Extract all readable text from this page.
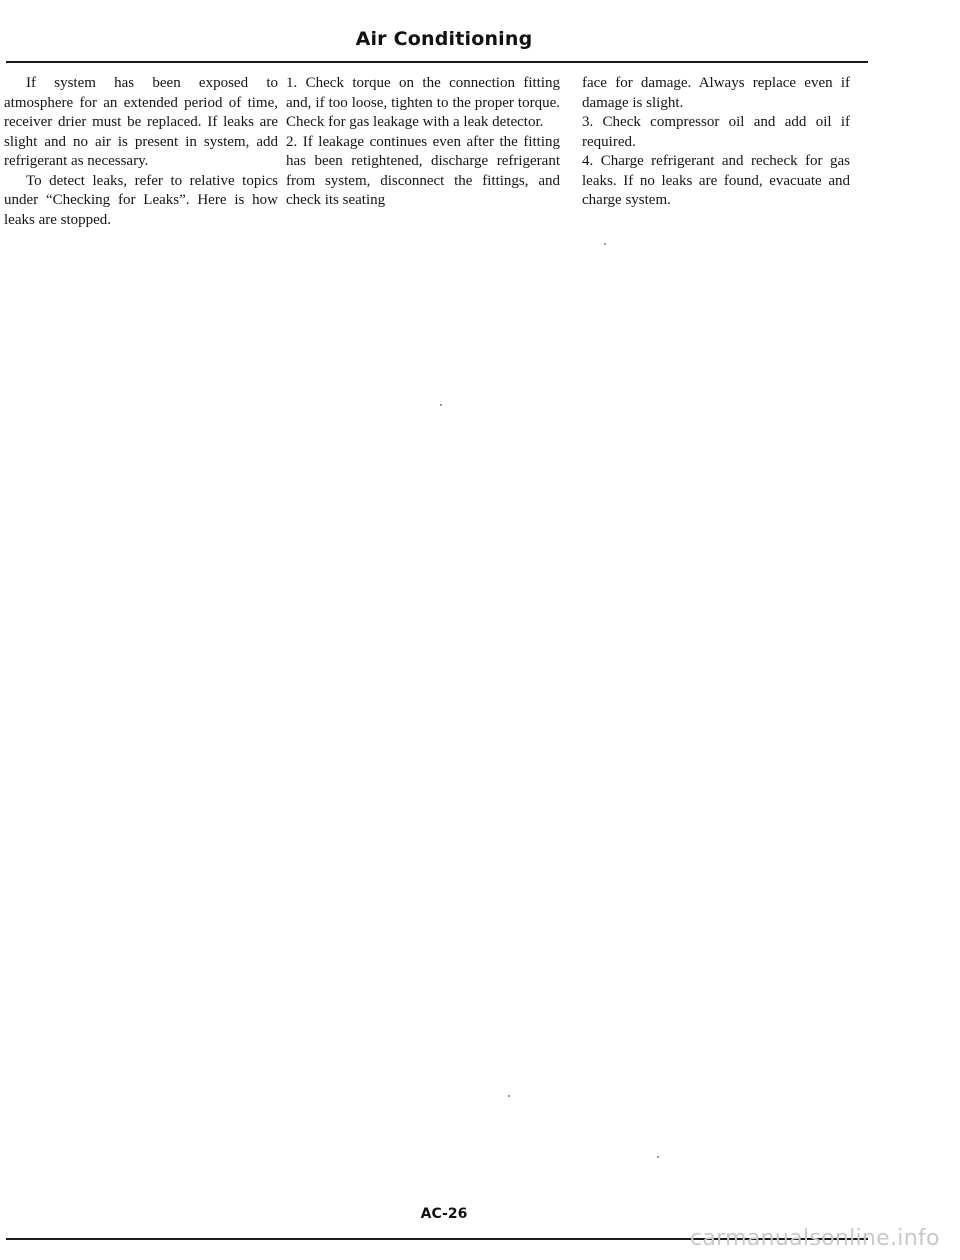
Air Conditioning

If system has been exposed to atmosphere for an extended period of time, receiver drier must be replaced. If leaks are slight and no air is present in system, add refrigerant as necessary.

To detect leaks, refer to relative topics under “Checking for Leaks”. Here is how leaks are stopped.

1. Check torque on the connection fitting and, if too loose, tighten to the proper torque. Check for gas leakage with a leak detector.

2. If leakage continues even after the fitting has been retightened, discharge refrigerant from system, disconnect the fittings, and check its seating

face for damage. Always replace even if damage is slight.

3. Check compressor oil and add oil if required.

4. Charge refrigerant and recheck for gas leaks. If no leaks are found, evacuate and charge system.

AC-26
carmanualsonline.info
